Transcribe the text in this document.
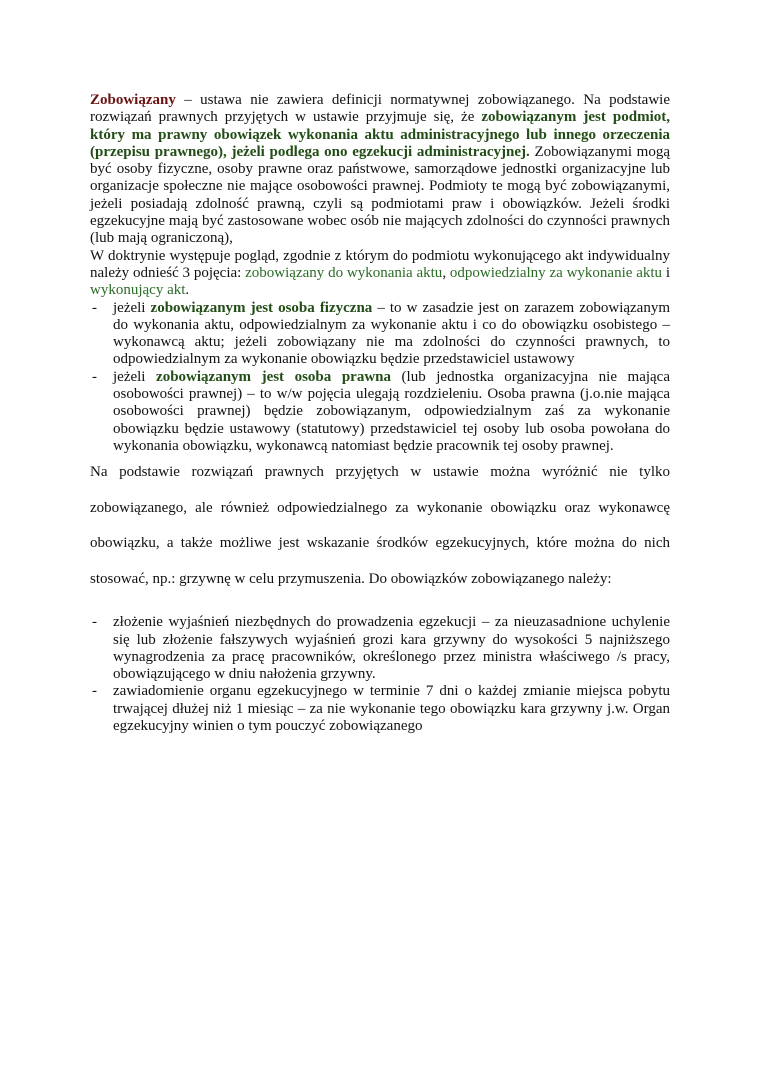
Zobowiązany – ustawa nie zawiera definicji normatywnej zobowiązanego. Na podstawie rozwiązań prawnych przyjętych w ustawie przyjmuje się, że zobowiązanym jest podmiot, który ma prawny obowiązek wykonania aktu administracyjnego lub innego orzeczenia (przepisu prawnego), jeżeli podlega ono egzekucji administracyjnej. Zobowiązanymi mogą być osoby fizyczne, osoby prawne oraz państwowe, samorządowe jednostki organizacyjne lub organizacje społeczne nie mające osobowości prawnej. Podmioty te mogą być zobowiązanymi, jeżeli posiadają zdolność prawną, czyli są podmiotami praw i obowiązków. Jeżeli środki egzekucyjne mają być zastosowane wobec osób nie mających zdolności do czynności prawnych (lub mają ograniczoną),

W doktrynie występuje pogląd, zgodnie z którym do podmiotu wykonującego akt indywidualny należy odnieść 3 pojęcia: zobowiązany do wykonania aktu, odpowiedzialny za wykonanie aktu i wykonujący akt.

- jeżeli zobowiązanym jest osoba fizyczna – to w zasadzie jest on zarazem zobowiązanym do wykonania aktu, odpowiedzialnym za wykonanie aktu i co do obowiązku osobistego – wykonawcą aktu; jeżeli zobowiązany nie ma zdolności do czynności prawnych, to odpowiedzialnym za wykonanie obowiązku będzie przedstawiciel ustawowy
- jeżeli zobowiązanym jest osoba prawna (lub jednostka organizacyjna nie mająca osobowości prawnej) – to w/w pojęcia ulegają rozdzieleniu. Osoba prawna (j.o.nie mająca osobowości prawnej) będzie zobowiązanym, odpowiedzialnym zaś za wykonanie obowiązku będzie ustawowy (statutowy) przedstawiciel tej osoby lub osoba powołana do wykonania obowiązku, wykonawcą natomiast będzie pracownik tej osoby prawnej.

Na podstawie rozwiązań prawnych przyjętych w ustawie można wyróżnić nie tylko zobowiązanego, ale również odpowiedzialnego za wykonanie obowiązku oraz wykonawcę obowiązku, a także możliwe jest wskazanie środków egzekucyjnych, które można do nich stosować, np.: grzywnę w celu przymuszenia. Do obowiązków zobowiązanego należy:

- złożenie wyjaśnień niezbędnych do prowadzenia egzekucji – za nieuzasadnione uchylenie się lub złożenie fałszywych wyjaśnień grozi kara grzywny do wysokości 5 najniższego wynagrodzenia za pracę pracowników, określonego przez ministra właściwego /s pracy, obowiązującego w dniu nałożenia grzywny.
- zawiadomienie organu egzekucyjnego w terminie 7 dni o każdej zmianie miejsca pobytu trwającej dłużej niż 1 miesiąc – za nie wykonanie tego obowiązku kara grzywny j.w. Organ egzekucyjny winien o tym pouczyć zobowiązanego
